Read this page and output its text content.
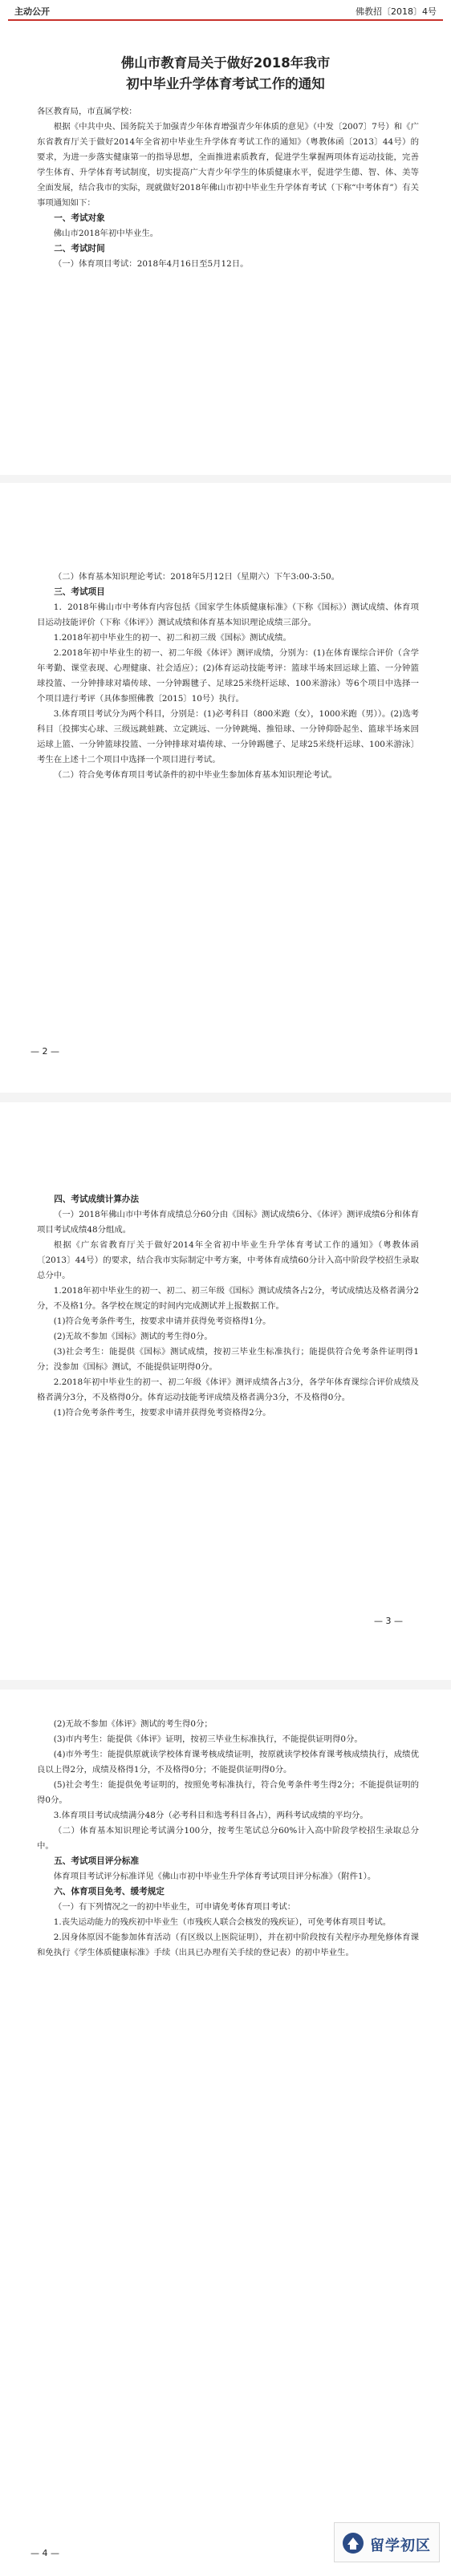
主动公开	佛教招〔2018〕4号
佛山市教育局关于做好2018年我市
初中毕业升学体育考试工作的通知

各区教育局，市直属学校：

根据《中共中央、国务院关于加强青少年体育增强青少年体质的意见》（中发〔2007〕7号）和《广东省教育厅关于做好2014年全省初中毕业生升学体育考试工作的通知》（粤教体函〔2013〕44号）的要求，为进一步落实健康第一的指导思想，全面推进素质教育，促进学生掌握两项体育运动技能，完善学生体育、升学体育考试制度，切实提高广大青少年学生的体质健康水平，促进学生德、智、体、美等全面发展，结合我市的实际，现就做好2018年佛山市初中毕业生升学体育考试（下称“中考体育”）有关事项通知如下：

一、考试对象

佛山市2018年初中毕业生。

二、考试时间

（一）体育项目考试：2018年4月16日至5月12日。

（二）体育基本知识理论考试：2018年5月12日（星期六）下午3:00-3:50。

三、考试项目

1．2018年佛山市中考体育内容包括《国家学生体质健康标准》（下称《国标》）测试成绩、体育项目运动技能评价（下称《体评》）测试成绩和体育基本知识理论成绩三部分。

1.2018年初中毕业生的初一、初二和初三级《国标》测试成绩。

2.2018年初中毕业生的初一、初二年级《体评》测评成绩，分别为：(1)在体育课综合评价（含学年考勤、课堂表现、心理健康、社会适应）；(2)体育运动技能考评：篮球半场来回运球上篮、一分钟篮球投篮、一分钟排球对墙传球、一分钟踢毽子、足球25米绕杆运球、100米游泳）等6个项目中选择一个项目进行考评（具体参照佛教〔2015〕10号）执行。

3.体育项目考试分为两个科目，分别是：(1)必考科目（800米跑（女），1000米跑（男））。(2)选考科目〔投掷实心球、三级远跳蛙跳、立定跳远、一分钟跳绳、推铅球、一分钟仰卧起坐、篮球半场来回运球上篮、一分钟篮球投篮、一分钟排球对墙传球、一分钟踢毽子、足球25米绕杆运球、100米游泳〕考生在上述十二个项目中选择一个项目进行考试。

（二）符合免考体育项目考试条件的初中毕业生参加体育基本知识理论考试。

— 2 —

四、考试成绩计算办法

（一）2018年佛山市中考体育成绩总分60分由《国标》测试成绩6分、《体评》测评成绩6分和体育项目考试成绩48分组成。

根据《广东省教育厅关于做好2014年全省初中毕业生升学体育考试工作的通知》（粤教体函〔2013〕44号）的要求，结合我市实际制定中考方案，中考体育成绩60分计入高中阶段学校招生录取总分中。

1.2018年初中毕业生的初一、初二、初三年级《国标》测试成绩各占2分，考试成绩达及格者满分2分，不及格1分。各学校在规定的时间内完成测试并上报数据工作。

(1)符合免考条件考生，按要求申请并获得免考资格得1分。

(2)无故不参加《国标》测试的考生得0分。

(3)社会考生：能提供《国标》测试成绩，按初三毕业生标准执行；能提供符合免考条件证明得1分；没参加《国标》测试，不能提供证明得0分。

2.2018年初中毕业生的初一、初二年级《体评》测评成绩各占3分，各学年体育课综合评价成绩及格者满分3分，不及格得0分。体育运动技能考评成绩及格者满分3分，不及格得0分。

(1)符合免考条件考生，按要求申请并获得免考资格得2分。

— 3 —

(2)无故不参加《体评》测试的考生得0分；

(3)市内考生：能提供《体评》证明，按初三毕业生标准执行，不能提供证明得0分。

(4)市外考生：能提供原就读学校体育课考核成绩证明，按原就读学校体育课考核成绩执行，成绩优良以上得2分，成绩及格得1分，不及格得0分；不能提供证明得0分。

(5)社会考生：能提供免考证明的，按照免考标准执行，符合免考条件考生得2分；不能提供证明的得0分。

3.体育项目考试成绩满分48分（必考科目和选考科目各占），两科考试成绩的平均分。

（二）体育基本知识理论考试满分100分，按考生笔试总分60%计入高中阶段学校招生录取总分中。

五、考试项目评分标准

体育项目考试评分标准详见《佛山市初中毕业生升学体育考试项目评分标准》（附件1）。

六、体育项目免考、缓考规定

（一）有下列情况之一的初中毕业生，可申请免考体育项目考试：

1.丧失运动能力的残疾初中毕业生（市残疾人联合会核发的残疾证），可免考体育项目考试。

2.因身体原因不能参加体育活动（有区级以上医院证明），并在初中阶段按有关程序办理免修体育课和免执行《学生体质健康标准》手续（出具已办理有关手续的登记表）的初中毕业生。

— 4 —	留学初区
